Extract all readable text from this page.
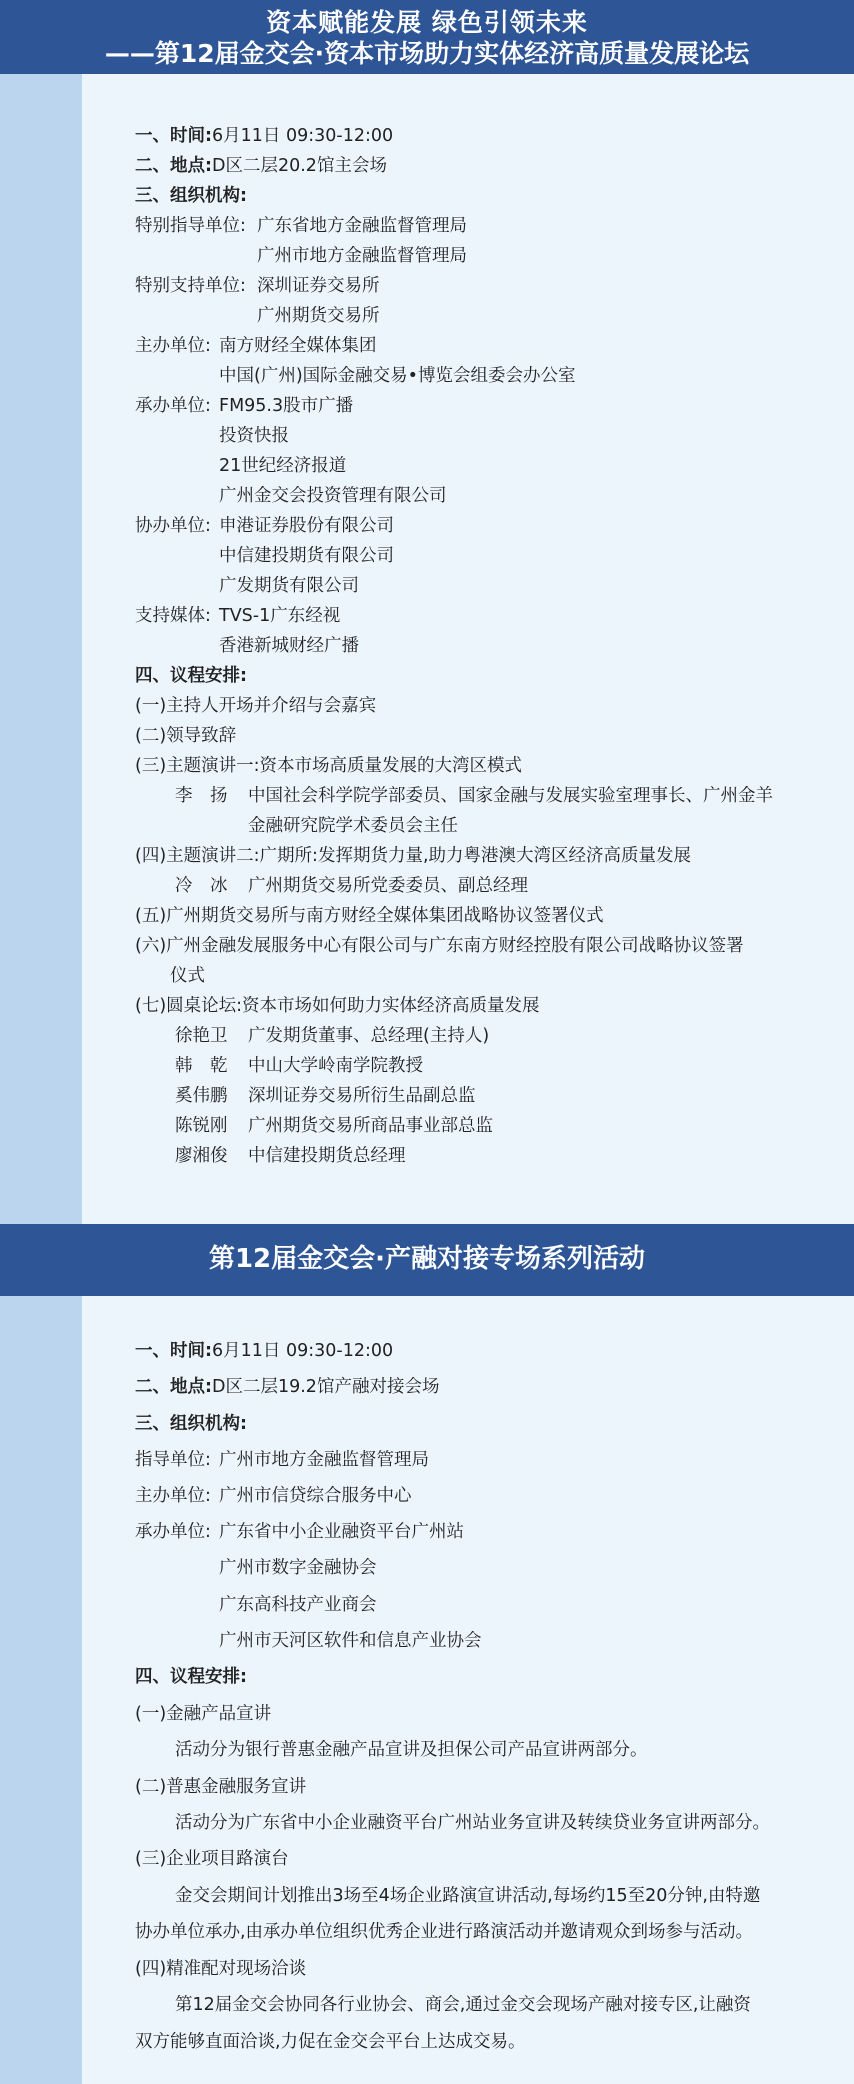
资本赋能发展 绿色引领未来
——第12届金交会·资本市场助力实体经济高质量发展论坛
一、时间:6月11日 09:30-12:00
二、地点:D区二层20.2馆主会场
三、组织机构:
特别指导单位: 广东省地方金融监督管理局
广州市地方金融监督管理局
特别支持单位: 深圳证券交易所
广州期货交易所
主办单位: 南方财经全媒体集团
中国(广州)国际金融交易•博览会组委会办公室
承办单位: FM95.3股市广播
投资快报
21世纪经济报道
广州金交会投资管理有限公司
协办单位: 申港证券股份有限公司
中信建投期货有限公司
广发期货有限公司
支持媒体: TVS-1广东经视
香港新城财经广播
四、议程安排:
(一)主持人开场并介绍与会嘉宾
(二)领导致辞
(三)主题演讲一:资本市场高质量发展的大湾区模式
李　扬 中国社会科学院学部委员、国家金融与发展实验室理事长、广州金羊
金融研究院学术委员会主任
(四)主题演讲二:广期所:发挥期货力量,助力粤港澳大湾区经济高质量发展
冷　冰 广州期货交易所党委委员、副总经理
(五)广州期货交易所与南方财经全媒体集团战略协议签署仪式
(六)广州金融发展服务中心有限公司与广东南方财经控股有限公司战略协议签署
仪式
(七)圆桌论坛:资本市场如何助力实体经济高质量发展
徐艳卫 广发期货董事、总经理(主持人)
韩　乾 中山大学岭南学院教授
奚伟鹏 深圳证券交易所衍生品副总监
陈锐刚 广州期货交易所商品事业部总监
廖湘俊 中信建投期货总经理
第12届金交会·产融对接专场系列活动
一、时间:6月11日 09:30-12:00
二、地点:D区二层19.2馆产融对接会场
三、组织机构:
指导单位: 广州市地方金融监督管理局
主办单位: 广州市信贷综合服务中心
承办单位: 广东省中小企业融资平台广州站
广州市数字金融协会
广东高科技产业商会
广州市天河区软件和信息产业协会
四、议程安排:
(一)金融产品宣讲
活动分为银行普惠金融产品宣讲及担保公司产品宣讲两部分。
(二)普惠金融服务宣讲
活动分为广东省中小企业融资平台广州站业务宣讲及转续贷业务宣讲两部分。
(三)企业项目路演台
金交会期间计划推出3场至4场企业路演宣讲活动,每场约15至20分钟,由特邀
协办单位承办,由承办单位组织优秀企业进行路演活动并邀请观众到场参与活动。
(四)精准配对现场洽谈
第12届金交会协同各行业协会、商会,通过金交会现场产融对接专区,让融资
双方能够直面洽谈,力促在金交会平台上达成交易。
